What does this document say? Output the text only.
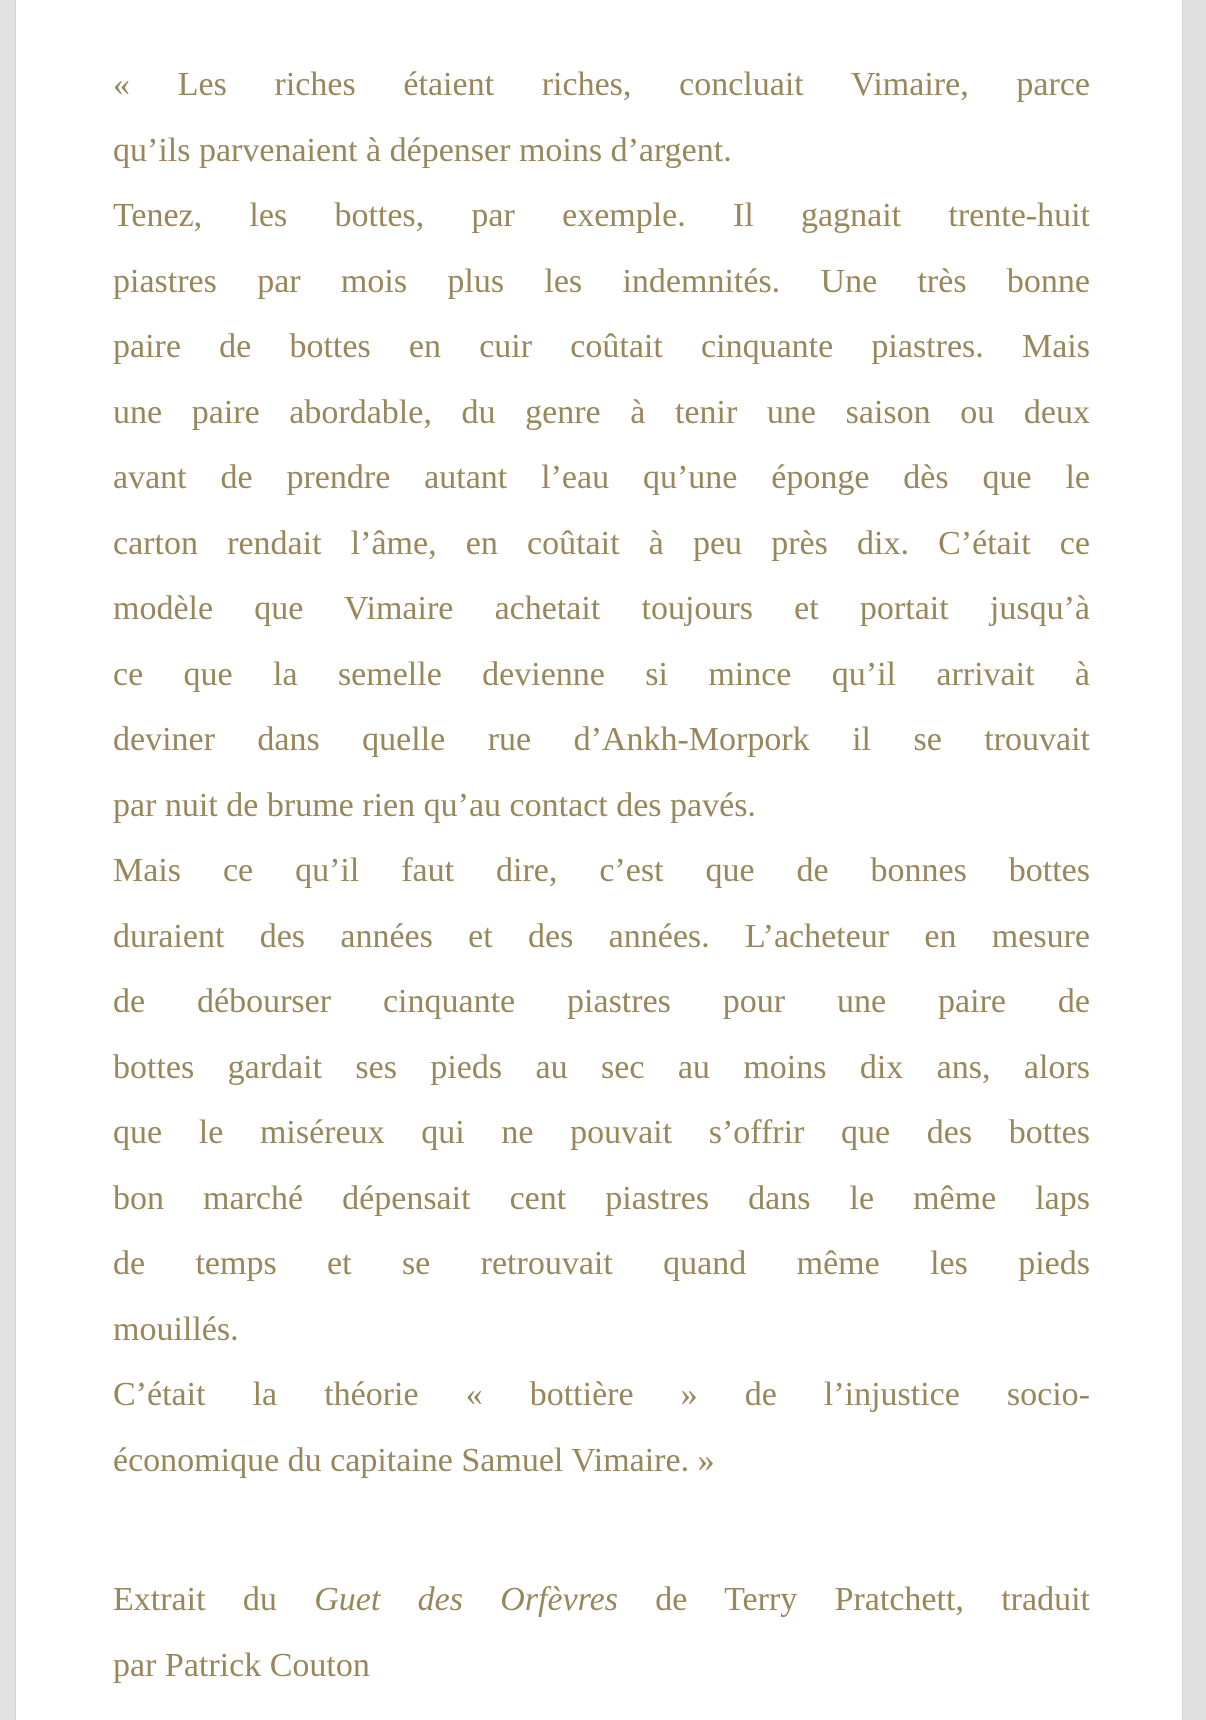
« Les riches étaient riches, concluait Vimaire, parce
qu’ils parvenaient à dépenser moins d’argent.
Tenez, les bottes, par exemple. Il gagnait trente-huit
piastres par mois plus les indemnités. Une très bonne
paire de bottes en cuir coûtait cinquante piastres. Mais
une paire abordable, du genre à tenir une saison ou deux
avant de prendre autant l’eau qu’une éponge dès que le
carton rendait l’âme, en coûtait à peu près dix. C’était ce
modèle que Vimaire achetait toujours et portait jusqu’à
ce que la semelle devienne si mince qu’il arrivait à
deviner dans quelle rue d’Ankh-Morpork il se trouvait
par nuit de brume rien qu’au contact des pavés.
Mais ce qu’il faut dire, c’est que de bonnes bottes
duraient des années et des années. L’acheteur en mesure
de débourser cinquante piastres pour une paire de
bottes gardait ses pieds au sec au moins dix ans, alors
que le miséreux qui ne pouvait s’offrir que des bottes
bon marché dépensait cent piastres dans le même laps
de temps et se retrouvait quand même les pieds
mouillés.
C’était la théorie « bottière » de l’injustice socio-
économique du capitaine Samuel Vimaire. »
Extrait du Guet des Orfèvres de Terry Pratchett, traduit
par Patrick Couton
